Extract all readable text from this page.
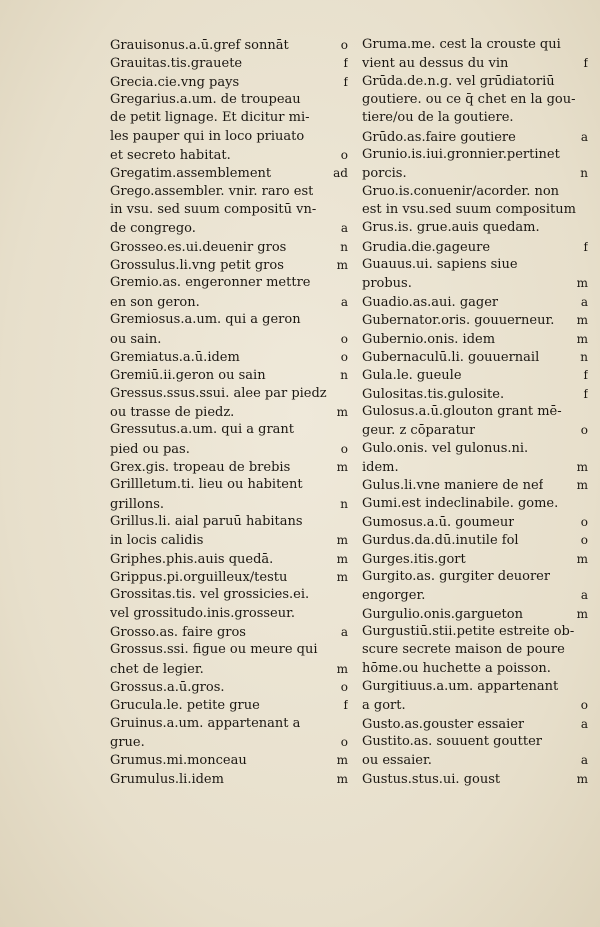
Grauisonus.a.ū.gref sonnāt	o
Grauitas.tis.grauete	f
Grecia.cie.vng pays	f
Gregarius.a.um. de troupeau
de petit lignage. Et dicitur mi-
les pauper qui in loco priuato
et secreto habitat.	o
Gregatim.assemblement	ad
Grego.assembler. vnir. raro est
in vsu. sed suum compositū vn-
de congrego.	a
Grosseo.es.ui.deuenir gros	n
Grossulus.li.vng petit gros	m
Gremio.as. engeronner mettre
en son geron.	a
Gremiosus.a.um. qui a geron
ou sain.	o
Gremiatus.a.ū.idem	o
Gremiū.ii.geron ou sain	n
Gressus.ssus.ssui. alee par piedz
ou trasse de piedz.	m
Gressutus.a.um. qui a grant
pied ou pas.	o
Grex.gis. tropeau de brebis	m
Grillletum.ti. lieu ou habitent
grillons.	n
Grillus.li. aial paruū habitans
in locis calidis	m
Griphes.phis.auis quedā.	m
Grippus.pi.orguilleux/testu	m
Grossitas.tis. vel grossicies.ei.
vel grossitudo.inis.grosseur.
Grosso.as. faire gros	a
Grossus.ssi. figue ou meure qui
chet de legier.	m
Grossus.a.ū.gros.	o
Grucula.le. petite grue	f
Gruinus.a.um. appartenant a
grue.	o
Grumus.mi.monceau	m
Grumulus.li.idem	m
Gruma.me. cest la crouste qui
vient au dessus du vin	f
Grūda.de.n.g. vel grūdiatoriū
goutiere. ou ce q̄ chet en la gou-
tiere/ou de la goutiere.
Grūdo.as.faire goutiere	a
Grunio.is.iui.gronnier.pertinet
porcis.	n
Gruo.is.conuenir/acorder. non
est in vsu.sed suum compositum
Grus.is. grue.auis quedam.
Grudia.die.gageure	f
Guauus.ui. sapiens siue
probus.	m
Guadio.as.aui. gager	a
Gubernator.oris. gouuerneur.	m
Gubernio.onis. idem	m
Gubernaculū.li. gouuernail	n
Gula.le. gueule	f
Gulositas.tis.gulosite.	f
Gulosus.a.ū.glouton grant mē-
geur. z cōparatur	o
Gulo.onis. vel gulonus.ni.
idem.	m
Gulus.li.vne maniere de nef	m
Gumi.est indeclinabile. gome.
Gumosus.a.ū. goumeur	o
Gurdus.da.dū.inutile fol	o
Gurges.itis.gort	m
Gurgito.as. gurgiter deuorer
engorger.	a
Gurgulio.onis.gargueton	m
Gurgustiū.stii.petite estreite ob-
scure secrete maison de poure
hōme.ou huchette a poisson.
Gurgitiuus.a.um. appartenant
a gort.	o
Gusto.as.gouster essaier	a
Gustito.as. souuent goutter
ou essaier.	a
Gustus.stus.ui. goust	m
